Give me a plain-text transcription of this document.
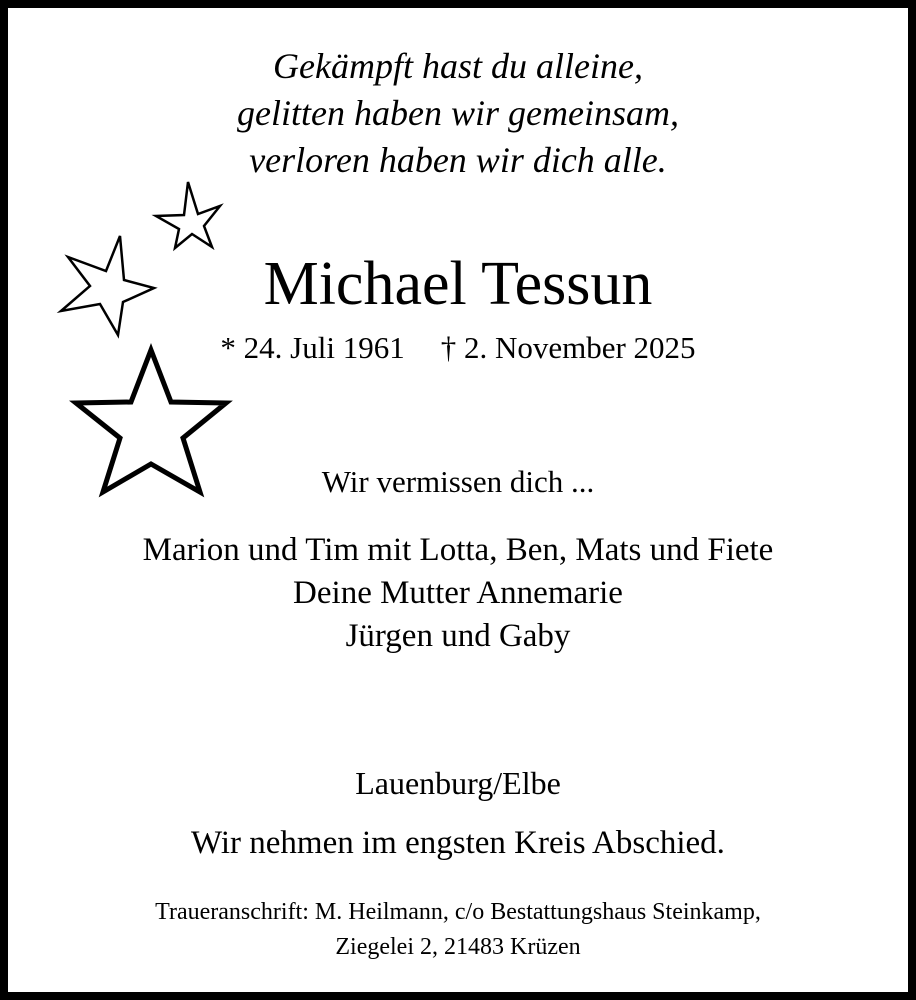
Gekämpft hast du alleine,
gelitten haben wir gemeinsam,
verloren haben wir dich alle.
Michael Tessun
* 24. Juli 1961 † 2. November 2025
Wir vermissen dich ...
Marion und Tim mit Lotta, Ben, Mats und Fiete
Deine Mutter Annemarie
Jürgen und Gaby
Lauenburg/Elbe
Wir nehmen im engsten Kreis Abschied.
Traueranschrift: M. Heilmann, c/o Bestattungshaus Steinkamp,
Ziegelei 2, 21483 Krüzen
